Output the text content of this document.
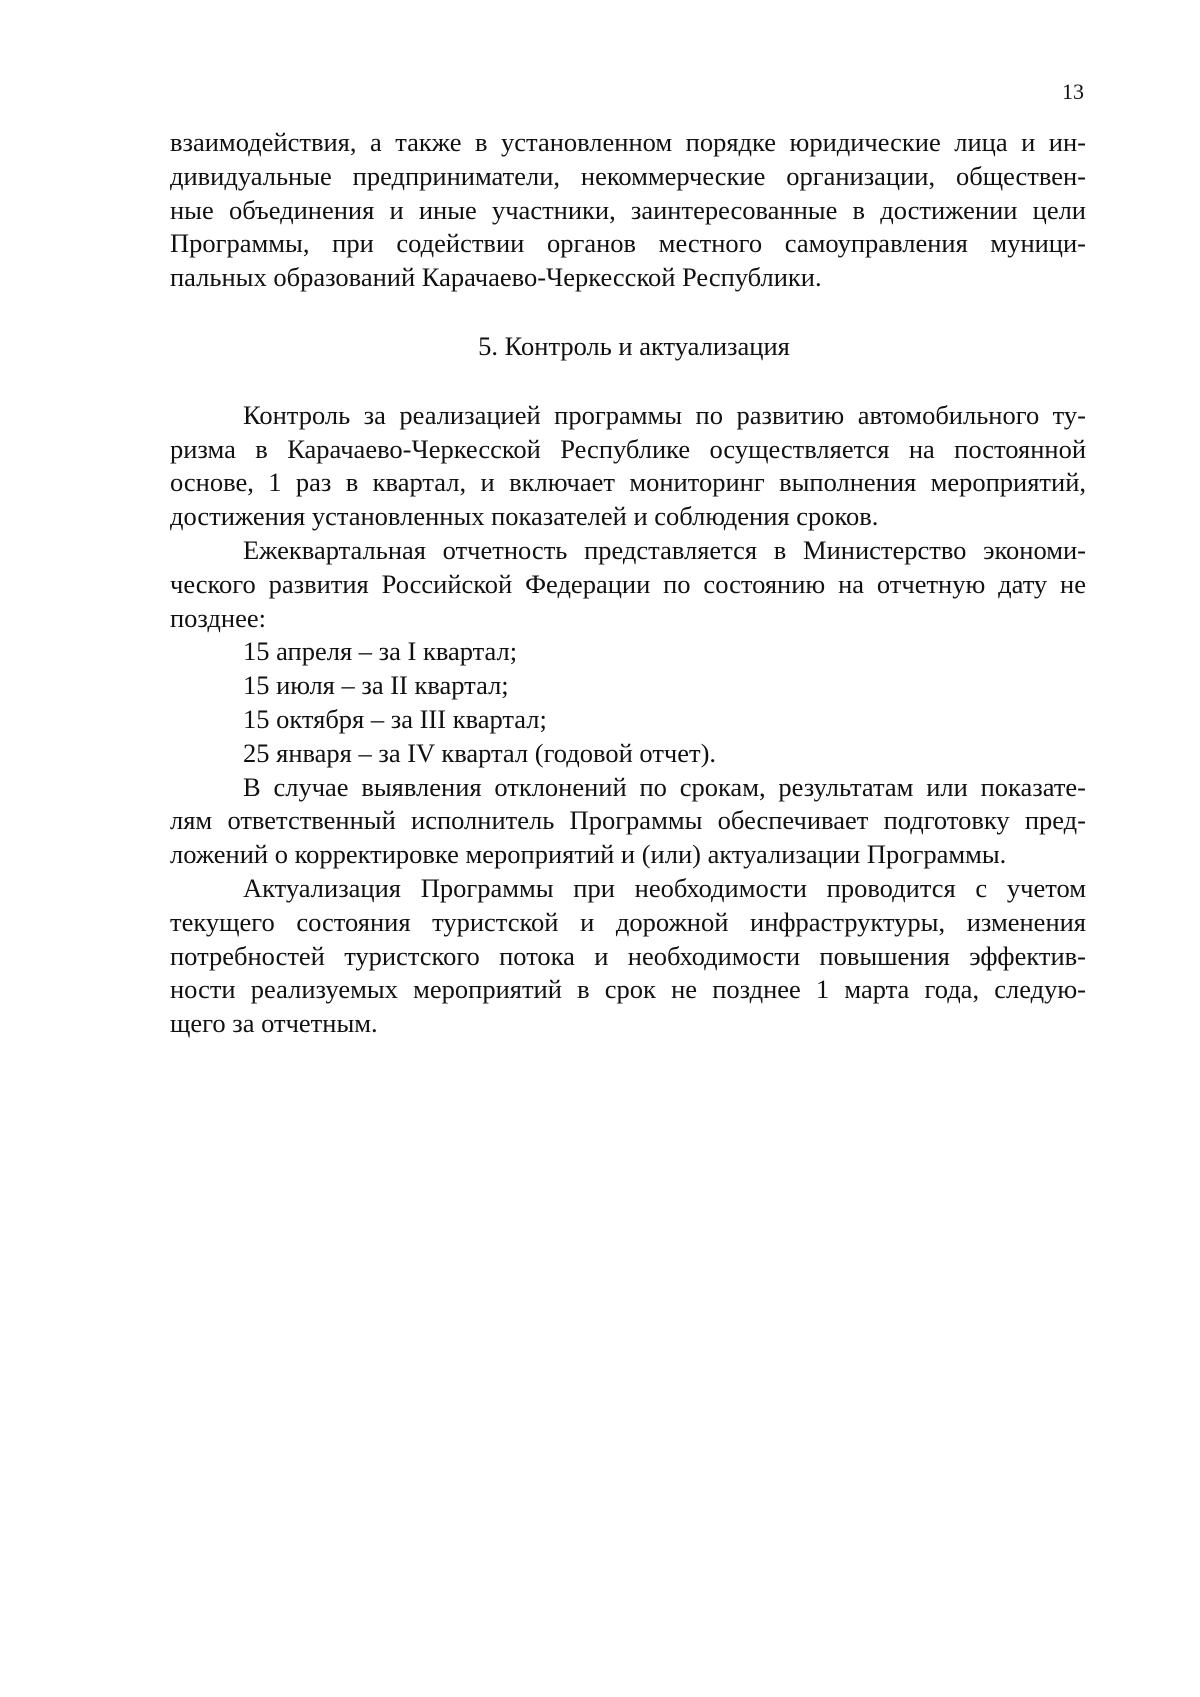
13
взаимодействия, а также в установленном порядке юридические лица и ин-
дивидуальные предприниматели, некоммерческие организации, обществен-
ные объединения и иные участники, заинтересованные в достижении цели
Программы, при содействии органов местного самоуправления муници-
пальных образований Карачаево-Черкесской Республики.
5. Контроль и актуализация
Контроль за реализацией программы по развитию автомобильного ту-
ризма в Карачаево-Черкесской Республике осуществляется на постоянной
основе, 1 раз в квартал, и включает мониторинг выполнения мероприятий,
достижения установленных показателей и соблюдения сроков.
Ежеквартальная отчетность представляется в Министерство экономи-
ческого развития Российской Федерации по состоянию на отчетную дату не
позднее:
15 апреля – за I квартал;
15 июля – за II квартал;
15 октября – за III квартал;
25 января – за IV квартал (годовой отчет).
В случае выявления отклонений по срокам, результатам или показате-
лям ответственный исполнитель Программы обеспечивает подготовку пред-
ложений о корректировке мероприятий и (или) актуализации Программы.
Актуализация Программы при необходимости проводится с учетом
текущего состояния туристской и дорожной инфраструктуры, изменения
потребностей туристского потока и необходимости повышения эффектив-
ности реализуемых мероприятий в срок не позднее 1 марта года, следую-
щего за отчетным.
